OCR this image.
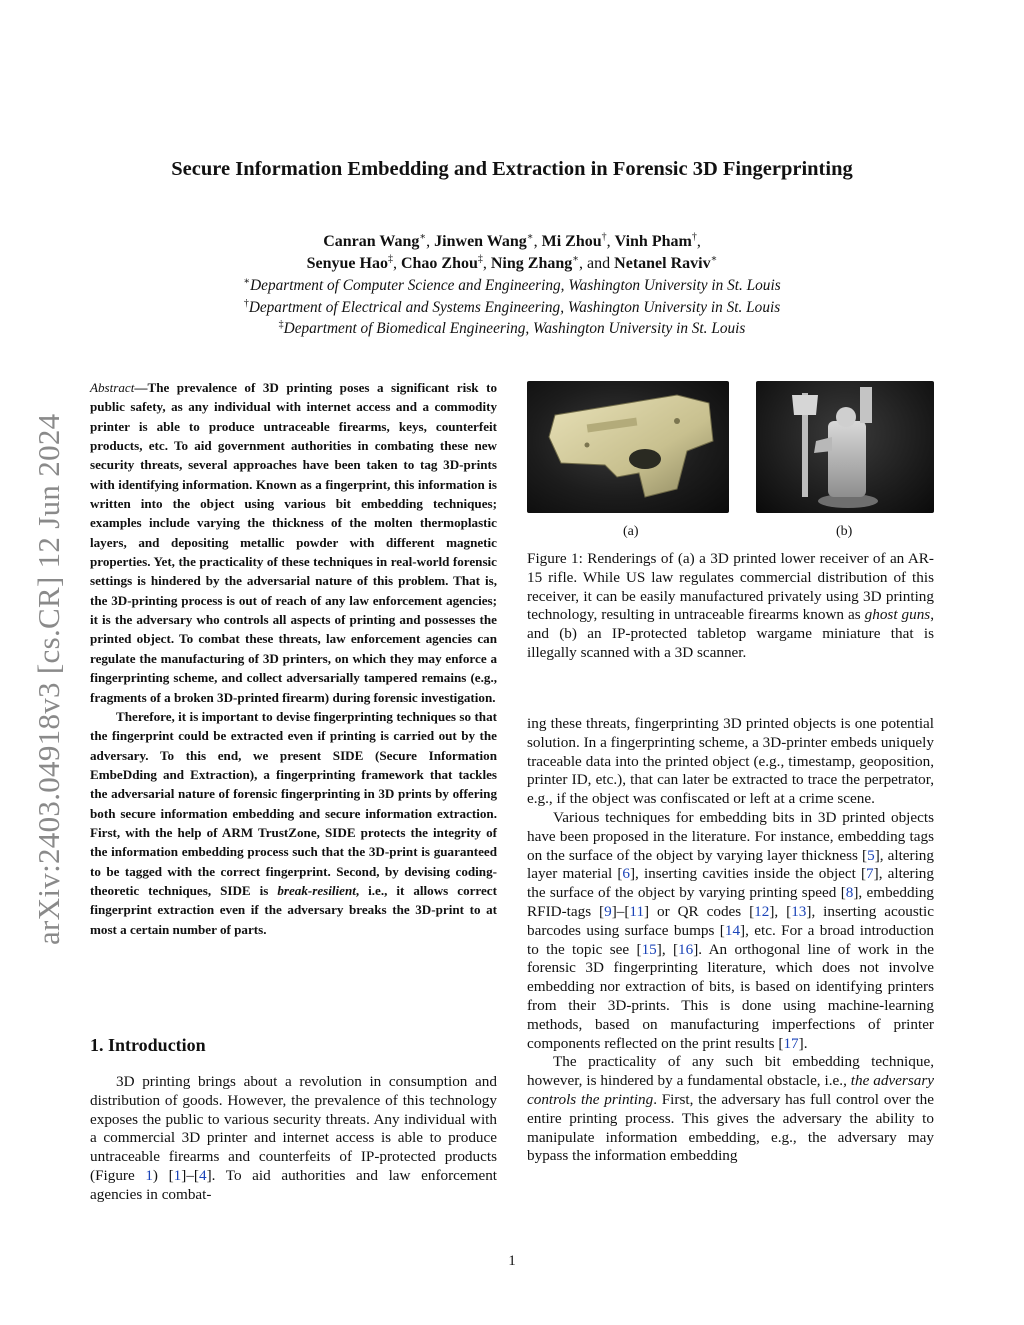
Secure Information Embedding and Extraction in Forensic 3D Fingerprinting
Canran Wang∗, Jinwen Wang∗, Mi Zhou†, Vinh Pham†,
Senyue Hao‡, Chao Zhou‡, Ning Zhang∗, and Netanel Raviv∗
∗Department of Computer Science and Engineering, Washington University in St. Louis
†Department of Electrical and Systems Engineering, Washington University in St. Louis
‡Department of Biomedical Engineering, Washington University in St. Louis
arXiv:2403.04918v3 [cs.CR] 12 Jun 2024

Abstract—The prevalence of 3D printing poses a significant risk to public safety, as any individual with internet access and a commodity printer is able to produce untraceable firearms, keys, counterfeit products, etc. To aid government authorities in combating these new security threats, several approaches have been taken to tag 3D-prints with identifying information. Known as a fingerprint, this information is written into the object using various bit embedding techniques; examples include varying the thickness of the molten thermoplastic layers, and depositing metallic powder with different magnetic properties. Yet, the practicality of these techniques in real-world forensic settings is hindered by the adversarial nature of this problem. That is, the 3D-printing process is out of reach of any law enforcement agencies; it is the adversary who controls all aspects of printing and possesses the printed object. To combat these threats, law enforcement agencies can regulate the manufacturing of 3D printers, on which they may enforce a fingerprinting scheme, and collect adversarially tampered remains (e.g., fragments of a broken 3D-printed firearm) during forensic investigation.

Therefore, it is important to devise fingerprinting techniques so that the fingerprint could be extracted even if printing is carried out by the adversary. To this end, we present SIDE (Secure Information EmbeDding and Extraction), a fingerprinting framework that tackles the adversarial nature of forensic fingerprinting in 3D prints by offering both secure information embedding and secure information extraction. First, with the help of ARM TrustZone, SIDE protects the integrity of the information embedding process such that the 3D-print is guaranteed to be tagged with the correct fingerprint. Second, by devising coding-theoretic techniques, SIDE is break-resilient, i.e., it allows correct fingerprint extraction even if the adversary breaks the 3D-print to at most a certain number of parts.

1. Introduction

3D printing brings about a revolution in consumption and distribution of goods. However, the prevalence of this technology exposes the public to various security threats. Any individual with a commercial 3D printer and internet access is able to produce untraceable firearms and counterfeits of IP-protected products (Figure 1) [1]–[4]. To aid authorities and law enforcement agencies in combat-

(a)	(b)

Figure 1: Renderings of (a) a 3D printed lower receiver of an AR-15 rifle. While US law regulates commercial distribution of this receiver, it can be easily manufactured privately using 3D printing technology, resulting in untraceable firearms known as ghost guns, and (b) an IP-protected tabletop wargame miniature that is illegally scanned with a 3D scanner.

ing these threats, fingerprinting 3D printed objects is one potential solution. In a fingerprinting scheme, a 3D-printer embeds uniquely traceable data into the printed object (e.g., timestamp, geoposition, printer ID, etc.), that can later be extracted to trace the perpetrator, e.g., if the object was confiscated or left at a crime scene.

Various techniques for embedding bits in 3D printed objects have been proposed in the literature. For instance, embedding tags on the surface of the object by varying layer thickness [5], altering layer material [6], inserting cavities inside the object [7], altering the surface of the object by varying printing speed [8], embedding RFID-tags [9]–[11] or QR codes [12], [13], inserting acoustic barcodes using surface bumps [14], etc. For a broad introduction to the topic see [15], [16]. An orthogonal line of work in the forensic 3D fingerprinting literature, which does not involve embedding nor extraction of bits, is based on identifying printers from their 3D-prints. This is done using machine-learning methods, based on manufacturing imperfections of printer components reflected on the print results [17].

The practicality of any such bit embedding technique, however, is hindered by a fundamental obstacle, i.e., the adversary controls the printing. First, the adversary has full control over the entire printing process. This gives the adversary the ability to manipulate information embedding, e.g., the adversary may bypass the information embedding

1
